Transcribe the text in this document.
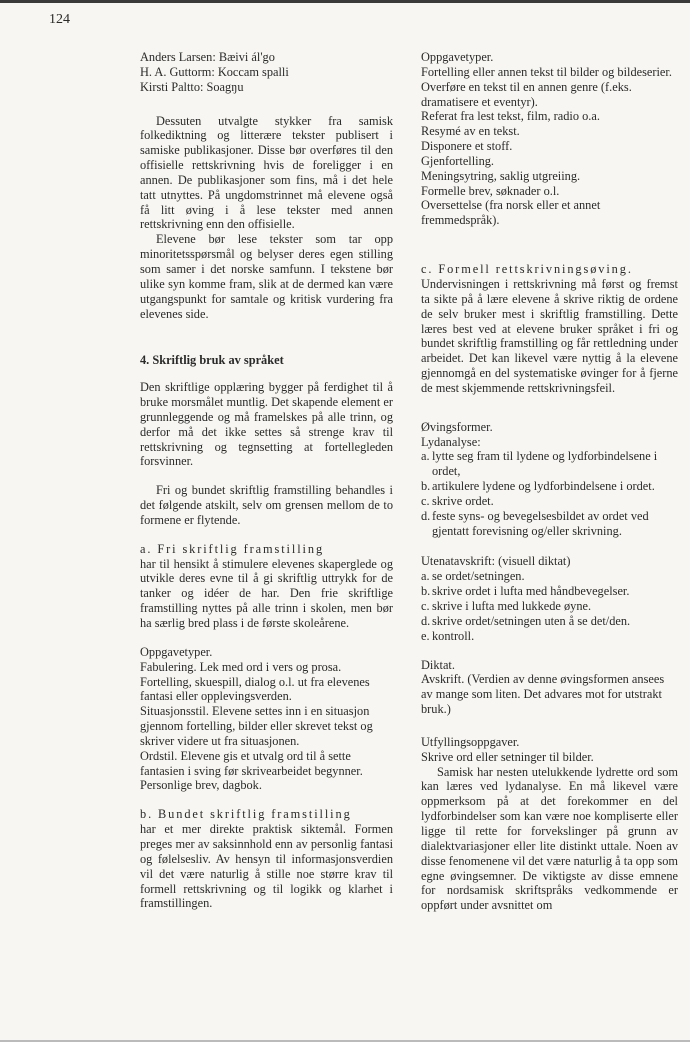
124
Anders Larsen: Bæivi ál'go
H. A. Guttorm: Koccam spalli
Kirsti Paltto: Soagŋu

Dessuten utvalgte stykker fra samisk folkediktning og litterære tekster publisert i samiske publikasjoner. Disse bør overføres til den offisielle rettskrivning hvis de foreligger i en annen. De publikasjoner som fins, må i det hele tatt utnyttes. På ungdomstrinnet må elevene også få litt øving i å lese tekster med annen rettskrivning enn den offisielle.

Elevene bør lese tekster som tar opp minoritetsspørsmål og belyser deres egen stilling som samer i det norske samfunn. I tekstene bør ulike syn komme fram, slik at de dermed kan være utgangspunkt for samtale og kritisk vurdering fra elevenes side.

4. Skriftlig bruk av språket

Den skriftlige opplæring bygger på ferdighet til å bruke morsmålet muntlig. Det skapende element er grunnleggende og må framelskes på alle trinn, og derfor må det ikke settes så strenge krav til rettskrivning og tegnsetting at fortellegleden forsvinner.

Fri og bundet skriftlig framstilling behandles i det følgende atskilt, selv om grensen mellom de to formene er flytende.

a. Fri skriftlig framstilling

har til hensikt å stimulere elevenes skaperglede og utvikle deres evne til å gi skriftlig uttrykk for de tanker og idéer de har. Den frie skriftlige framstilling nyttes på alle trinn i skolen, men bør ha særlig bred plass i de første skoleårene.

Oppgavetyper.
Fabulering. Lek med ord i vers og prosa.
Fortelling, skuespill, dialog o.l. ut fra elevenes fantasi eller opplevingsverden.
Situasjonsstil. Elevene settes inn i en situasjon gjennom fortelling, bilder eller skrevet tekst og skriver videre ut fra situasjonen.
Ordstil. Elevene gis et utvalg ord til å sette fantasien i sving før skrivearbeidet begynner.
Personlige brev, dagbok.
b. Bundet skriftlig framstilling

har et mer direkte praktisk siktemål. Formen preges mer av saksinnhold enn av personlig fantasi og følelsesliv. Av hensyn til informasjonsverdien vil det være naturlig å stille noe større krav til formell rettskrivning og til logikk og klarhet i framstillingen.

Oppgavetyper.
Fortelling eller annen tekst til bilder og bildeserier. Overføre en tekst til en annen genre (f.eks. dramatisere et eventyr).
Referat fra lest tekst, film, radio o.a.
Resymé av en tekst.
Disponere et stoff.
Gjenfortelling.
Meningsytring, saklig utgreiing.
Formelle brev, søknader o.l.
Oversettelse (fra norsk eller et annet fremmedspråk).
c. Formell rettskrivningsøving.

Undervisningen i rettskrivning må først og fremst ta sikte på å lære elevene å skrive riktig de ordene de selv bruker mest i skriftlig framstilling. Dette læres best ved at elevene bruker språket i fri og bundet skriftlig framstilling og får rettledning under arbeidet. Det kan likevel være nyttig å la elevene gjennomgå en del systematiske øvinger for å fjerne de mest skjemmende rettskrivningsfeil.

Øvingsformer.
Lydanalyse:
a. lytte seg fram til lydene og lydforbindelsene i ordet,
b. artikulere lydene og lydforbindelsene i ordet.
c. skrive ordet.
d. feste syns- og bevegelsesbildet av ordet ved gjentatt forevisning og/eller skrivning.
Utenatavskrift: (visuell diktat)
a. se ordet/setningen.
b. skrive ordet i lufta med håndbevegelser.
c. skrive i lufta med lukkede øyne.
d. skrive ordet/setningen uten å se det/den.
e. kontroll.
Diktat.
Avskrift. (Verdien av denne øvingsformen ansees av mange som liten. Det advares mot for utstrakt bruk.)
Utfyllingsoppgaver.
Skrive ord eller setninger til bilder.

Samisk har nesten utelukkende lydrette ord som kan læres ved lydanalyse. En må likevel være oppmerksom på at det forekommer en del lydforbindelser som kan være noe kompliserte eller ligge til rette for forvekslinger på grunn av dialektvariasjoner eller lite distinkt uttale. Noen av disse fenomenene vil det være naturlig å ta opp som egne øvingsemner. De viktigste av disse emnene for nordsamisk skriftspråks vedkommende er oppført under avsnittet om
